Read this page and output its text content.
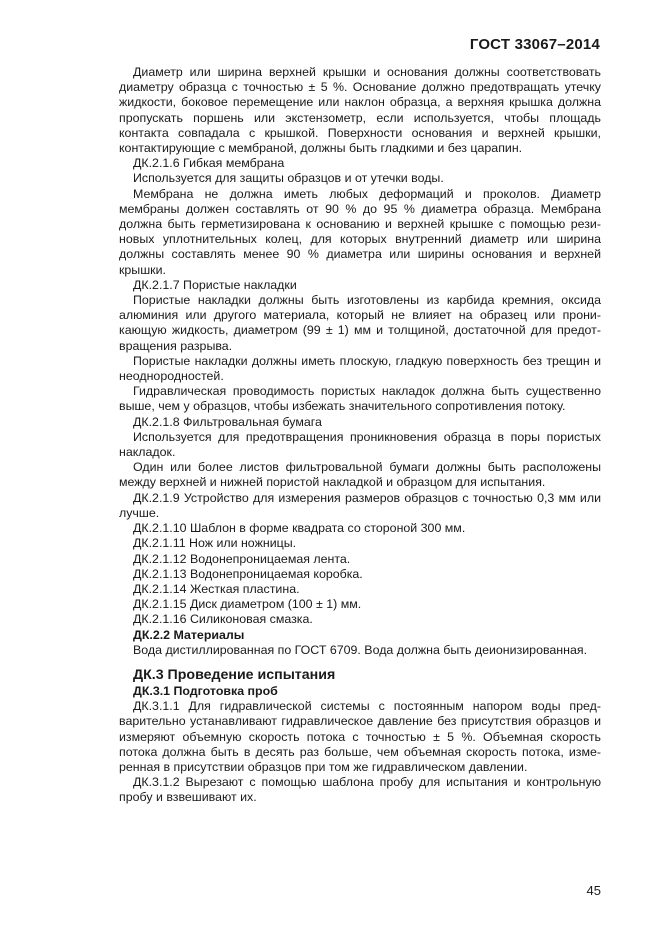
ГОСТ 33067–2014

Диаметр или ширина верхней крышки и основания должны соответствовать диаметру образца с точностью ± 5 %. Основание должно предотвращать утечку жидкости, боковое перемещение или наклон образца, а верхняя крышка должна пропускать поршень или экстензометр, если используется, чтобы площадь контакта совпадала с крышкой. Поверхности основания и верхней крышки, контактирующие с мембраной, должны быть гладкими и без царапин.

ДК.2.1.6 Гибкая мембрана

Используется для защиты образцов и от утечки воды.

Мембрана не должна иметь любых деформаций и проколов. Диаметр мембраны должен составлять от 90 % до 95 % диаметра образца. Мембрана должна быть герметизирована к основанию и верхней крышке с помощью резиновых уплотнительных колец, для которых внутренний диаметр или ширина должны составлять менее 90 % диаметра или ширины основания и верхней крышки.

ДК.2.1.7 Пористые накладки

Пористые накладки должны быть изготовлены из карбида кремния, оксида алюминия или другого материала, который не влияет на образец или проникающую жидкость, диаметром (99 ± 1) мм и толщиной, достаточной для предотвращения разрыва.

Пористые накладки должны иметь плоскую, гладкую поверхность без трещин и неоднородностей.

Гидравлическая проводимость пористых накладок должна быть существенно выше, чем у образцов, чтобы избежать значительного сопротивления потоку.

ДК.2.1.8 Фильтровальная бумага

Используется для предотвращения проникновения образца в поры пористых накладок.

Один или более листов фильтровальной бумаги должны быть расположены между верхней и нижней пористой накладкой и образцом для испытания.

ДК.2.1.9 Устройство для измерения размеров образцов с точностью 0,3 мм или лучше.

ДК.2.1.10 Шаблон в форме квадрата со стороной 300 мм.

ДК.2.1.11 Нож или ножницы.

ДК.2.1.12 Водонепроницаемая лента.

ДК.2.1.13 Водонепроницаемая коробка.

ДК.2.1.14 Жесткая пластина.

ДК.2.1.15 Диск диаметром (100 ± 1) мм.

ДК.2.1.16 Силиконовая смазка.

ДК.2.2 Материалы

Вода дистиллированная по ГОСТ 6709. Вода должна быть деионизированная.

ДК.3 Проведение испытания

ДК.3.1 Подготовка проб

ДК.3.1.1 Для гидравлической системы с постоянным напором воды предварительно устанавливают гидравлическое давление без присутствия образцов и измеряют объемную скорость потока с точностью ± 5 %. Объемная скорость потока должна быть в десять раз больше, чем объемная скорость потока, измеренная в присутствии образцов при том же гидравлическом давлении.

ДК.3.1.2 Вырезают с помощью шаблона пробу для испытания и контрольную пробу и взвешивают их.

45
